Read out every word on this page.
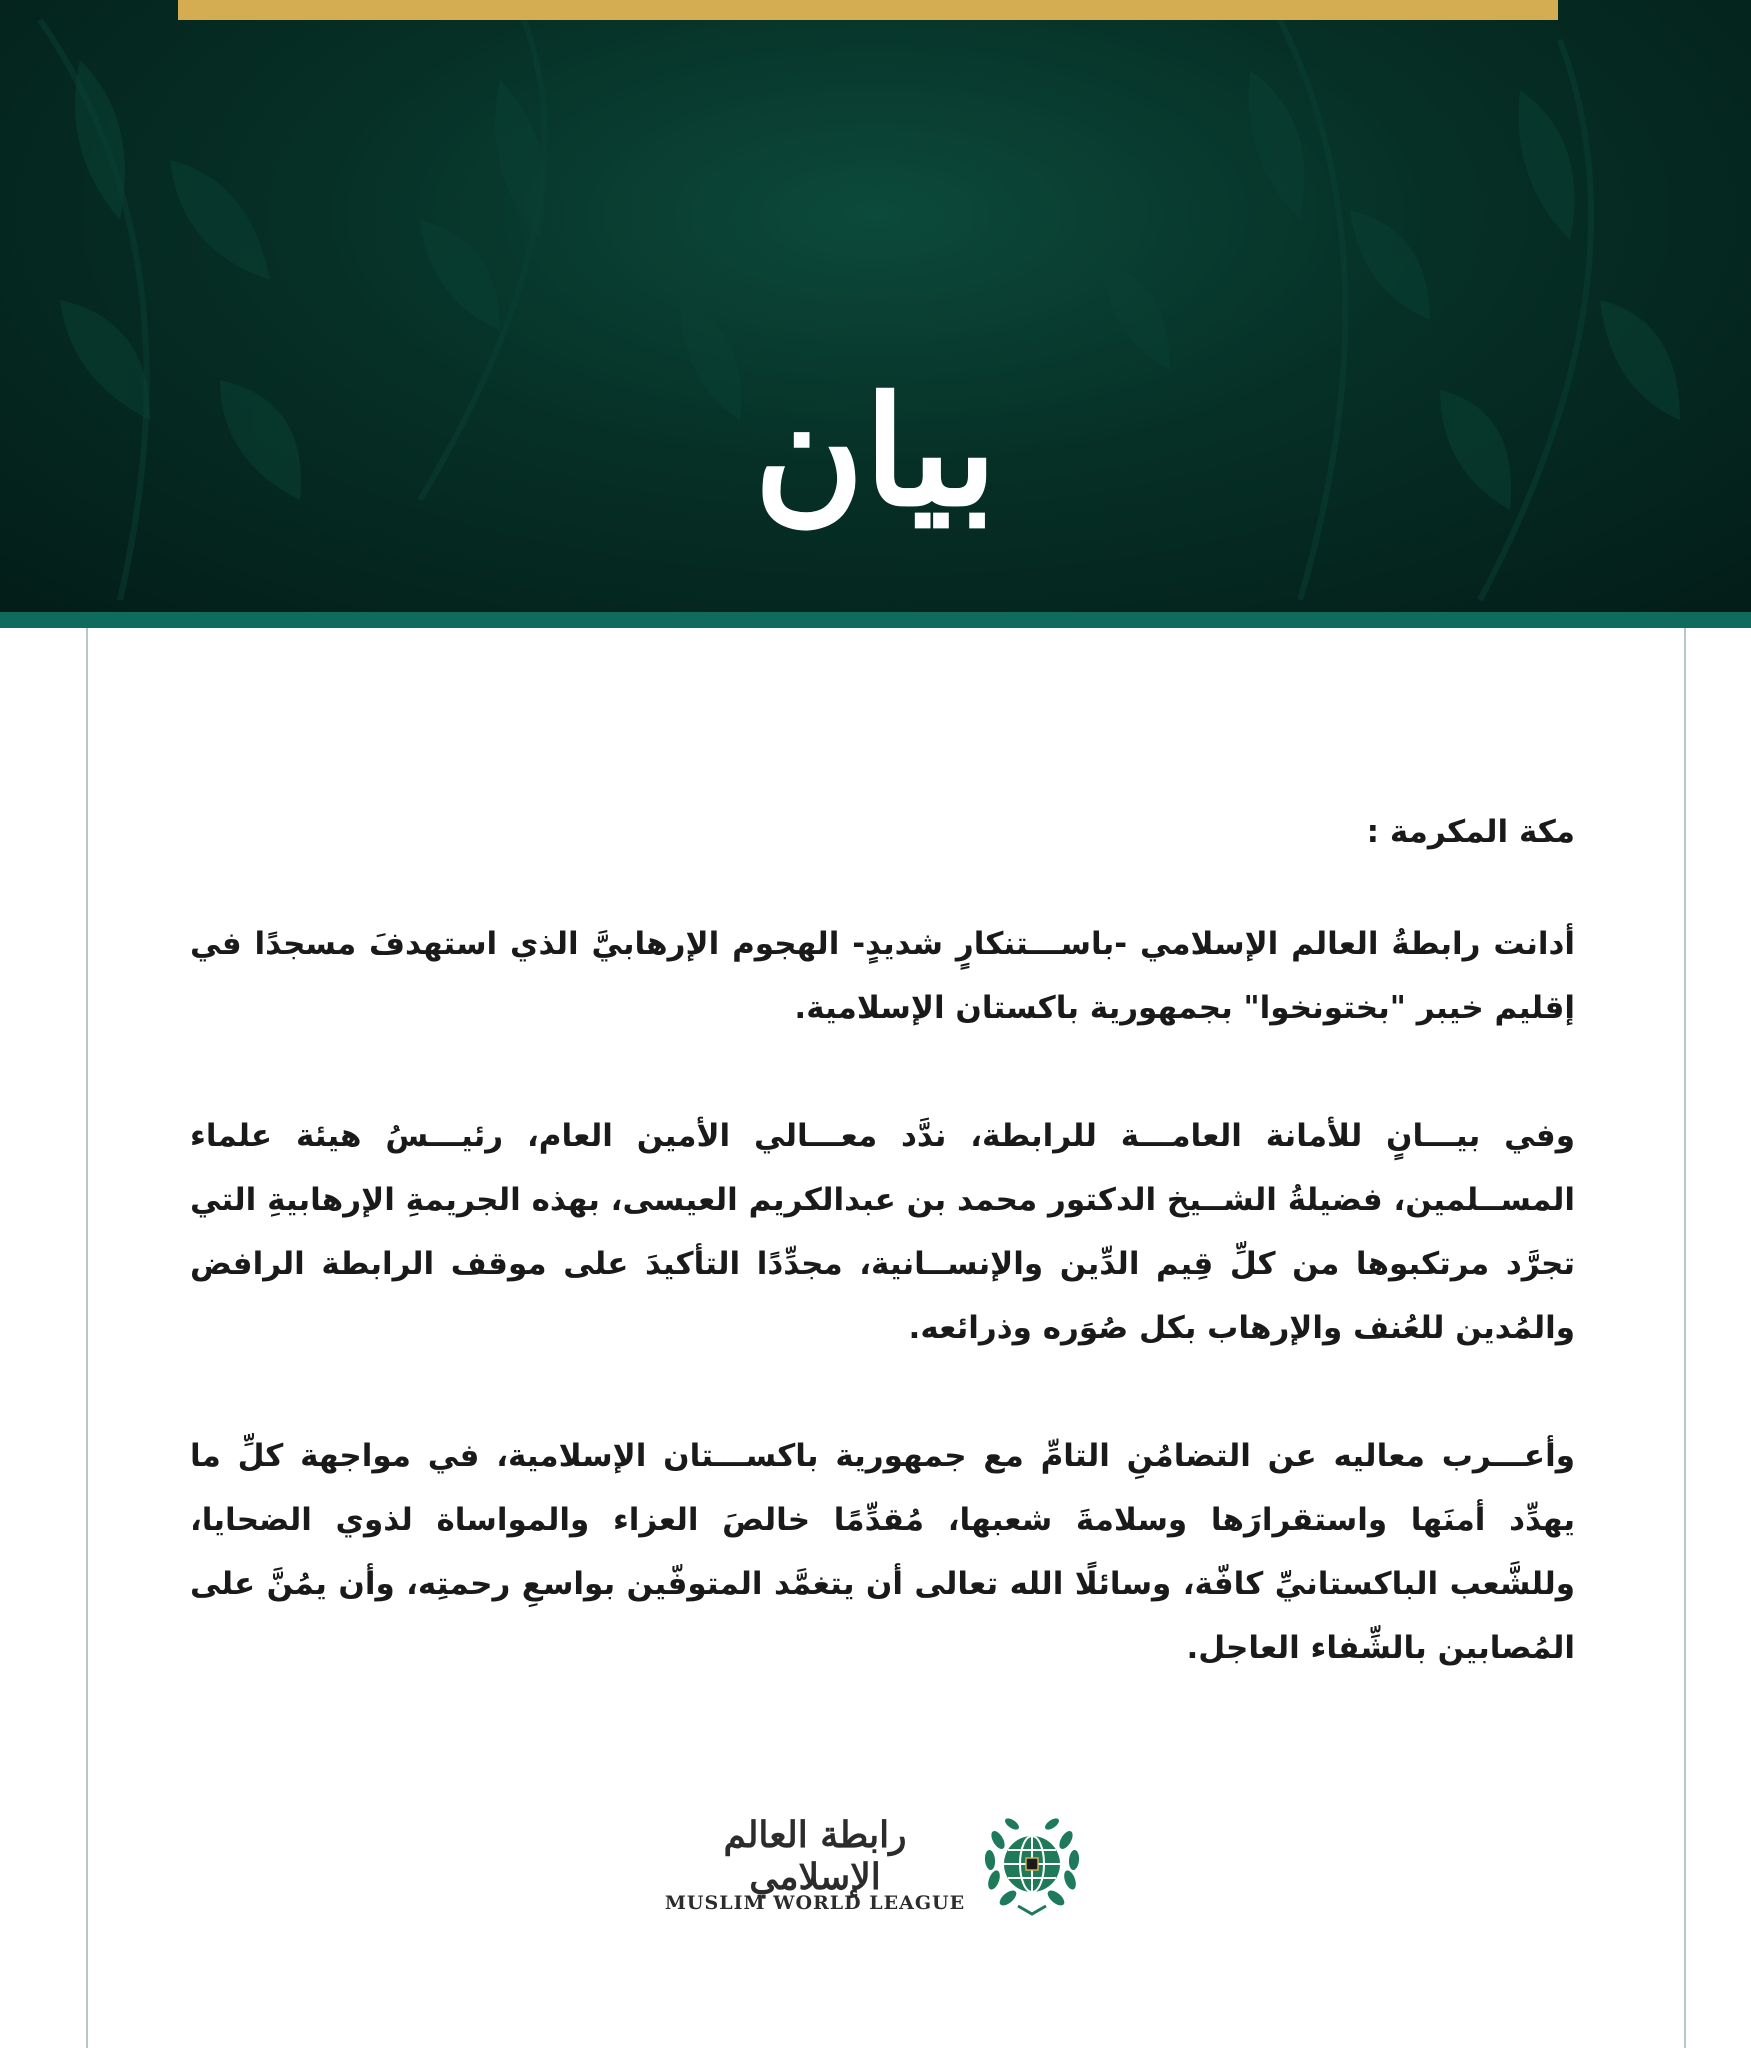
بيان

مكة المكرمة :

أدانت رابطةُ العالم الإسلامي -باســـتنكارٍ شديدٍ- الهجوم الإرهابيَّ الذي استهدفَ مسجدًا في إقليم خيبر "بختونخوا" بجمهورية باكستان الإسلامية.

وفي بيـــانٍ للأمانة العامـــة للرابطة، ندَّد معـــالي الأمين العام، رئيـــسُ هيئة علماء المســلمين، فضيلةُ الشــيخ الدكتور محمد بن عبدالكريم العيسى، بهذه الجريمةِ الإرهابيةِ التي تجرَّد مرتكبوها من كلِّ قِيم الدِّين والإنســانية، مجدِّدًا التأكيدَ على موقف الرابطة الرافض والمُدين للعُنف والإرهاب بكل صُوَره وذرائعه.

وأعـــرب معاليه عن التضامُنِ التامِّ مع جمهورية باكســـتان الإسلامية، في مواجهة كلِّ ما يهدِّد أمنَها واستقرارَها وسلامةَ شعبها، مُقدِّمًا خالصَ العزاء والمواساة لذوي الضحايا، وللشَّعب الباكستانيِّ كافّة، وسائلًا الله تعالى أن يتغمَّد المتوفّين بواسعِ رحمتِه، وأن يمُنَّ على المُصابين بالشِّفاء العاجل.

رابطة العالم الإسلامي
MUSLIM WORLD LEAGUE
